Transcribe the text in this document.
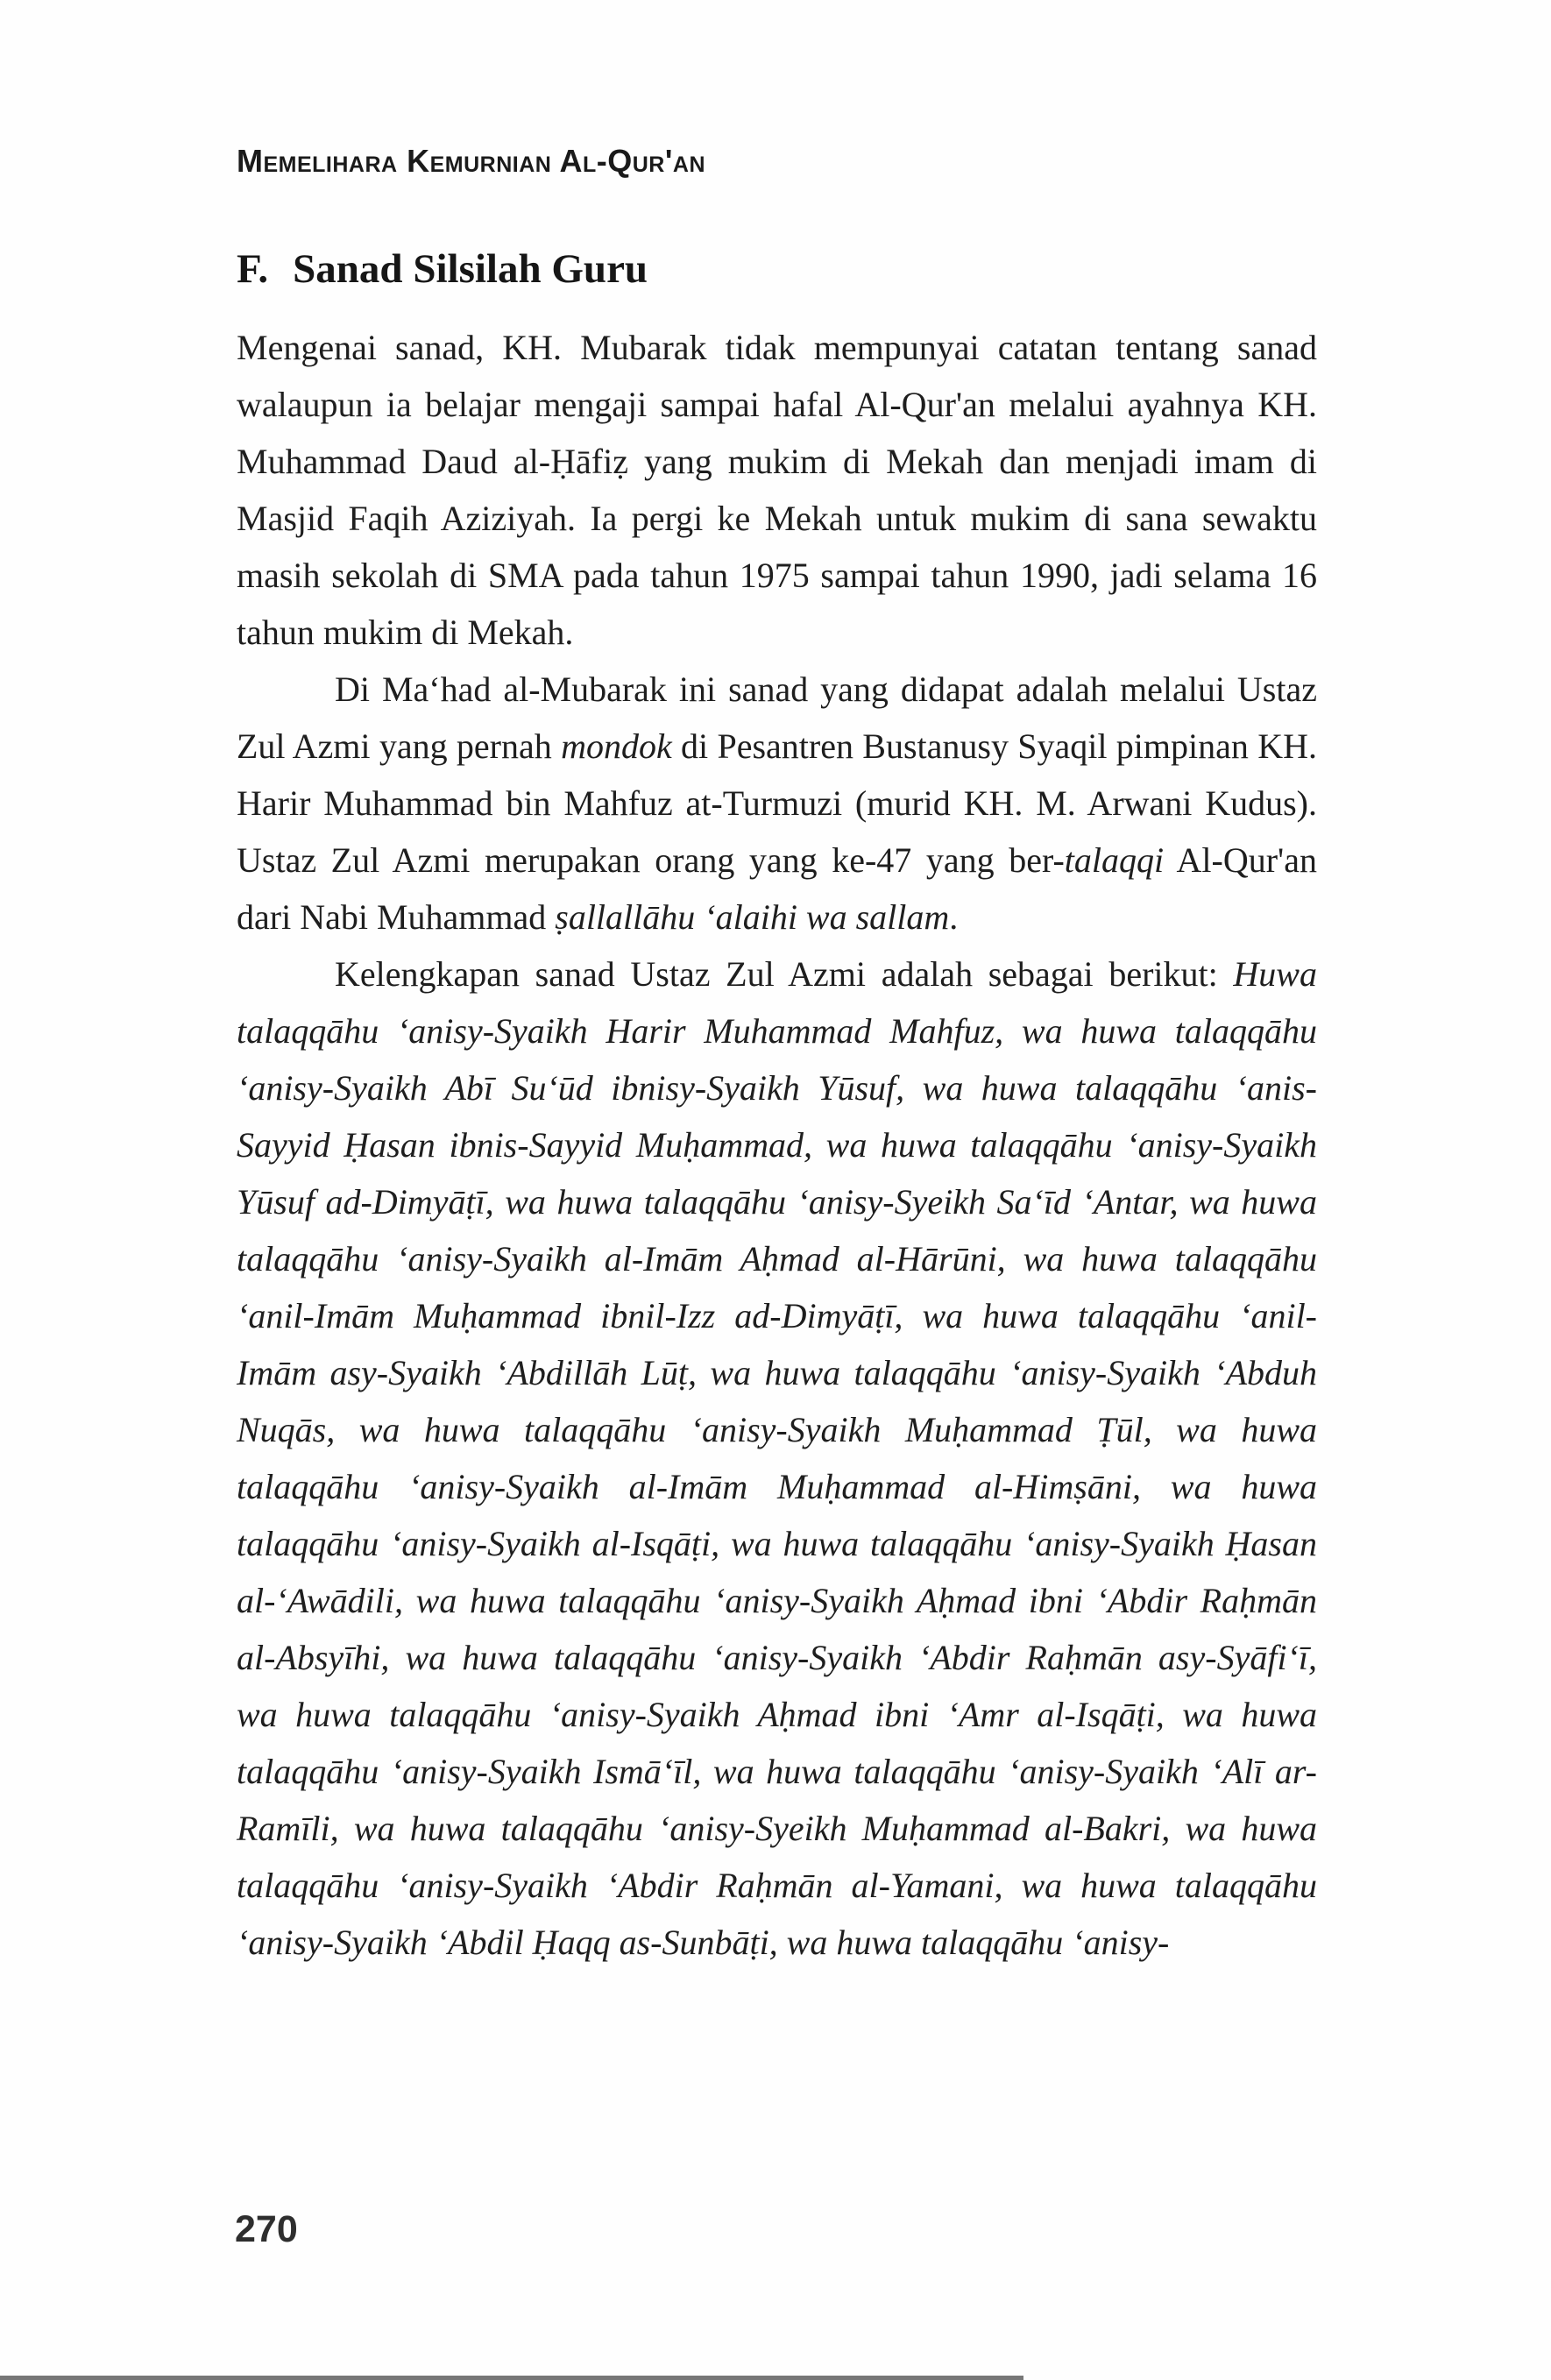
Memelihara Kemurnian Al-Qur'an
F. Sanad Silsilah Guru

Mengenai sanad, KH. Mubarak tidak mempunyai catatan tentang sanad walaupun ia belajar mengaji sampai hafal Al-Qur'an melalui ayahnya KH. Muhammad Daud al-Ḥāfiẓ yang mukim di Mekah dan menjadi imam di Masjid Faqih Aziziyah. Ia pergi ke Mekah untuk mukim di sana sewaktu masih sekolah di SMA pada tahun 1975 sampai tahun 1990, jadi selama 16 tahun mukim di Mekah.

Di Ma‘had al-Mubarak ini sanad yang didapat adalah melalui Ustaz Zul Azmi yang pernah mondok di Pesantren Bustanusy Syaqil pimpinan KH. Harir Muhammad bin Mahfuz at-Turmuzi (murid KH. M. Arwani Kudus). Ustaz Zul Azmi merupakan orang yang ke-47 yang ber-talaqqi Al-Qur'an dari Nabi Muhammad ṣallallāhu ‘alaihi wa sallam.

Kelengkapan sanad Ustaz Zul Azmi adalah sebagai berikut: Huwa talaqqāhu ‘anisy-Syaikh Harir Muhammad Mahfuz, wa huwa talaqqāhu ‘anisy-Syaikh Abī Su‘ūd ibnisy-Syaikh Yūsuf, wa huwa talaqqāhu ‘anis-Sayyid Ḥasan ibnis-Sayyid Muḥammad, wa huwa talaqqāhu ‘anisy-Syaikh Yūsuf ad-Dimyāṭī, wa huwa talaqqāhu ‘anisy-Syeikh Sa‘īd ‘Antar, wa huwa talaqqāhu ‘anisy-Syaikh al-Imām Aḥmad al-Hārūni, wa huwa talaqqāhu ‘anil-Imām Muḥammad ibnil-Izz ad-Dimyāṭī, wa huwa talaqqāhu ‘anil-Imām asy-Syaikh ‘Abdillāh Lūṭ, wa huwa talaqqāhu ‘anisy-Syaikh ‘Abduh Nuqās, wa huwa talaqqāhu ‘anisy-Syaikh Muḥammad Ṭūl, wa huwa talaqqāhu ‘anisy-Syaikh al-Imām Muḥammad al-Himṣāni, wa huwa talaqqāhu ‘anisy-Syaikh al-Isqāṭi, wa huwa talaqqāhu ‘anisy-Syaikh Ḥasan al-‘Awādili, wa huwa talaqqāhu ‘anisy-Syaikh Aḥmad ibni ‘Abdir Raḥmān al-Absyīhi, wa huwa talaqqāhu ‘anisy-Syaikh ‘Abdir Raḥmān asy-Syāfi‘ī, wa huwa talaqqāhu ‘anisy-Syaikh Aḥmad ibni ‘Amr al-Isqāṭi, wa huwa talaqqāhu ‘anisy-Syaikh Ismā‘īl, wa huwa talaqqāhu ‘anisy-Syaikh ‘Alī ar-Ramīli, wa huwa talaqqāhu ‘anisy-Syeikh Muḥammad al-Bakri, wa huwa talaqqāhu ‘anisy-Syaikh ‘Abdir Raḥmān al-Yamani, wa huwa talaqqāhu ‘anisy-Syaikh ‘Abdil Ḥaqq as-Sunbāṭi, wa huwa talaqqāhu ‘anisy-

270
